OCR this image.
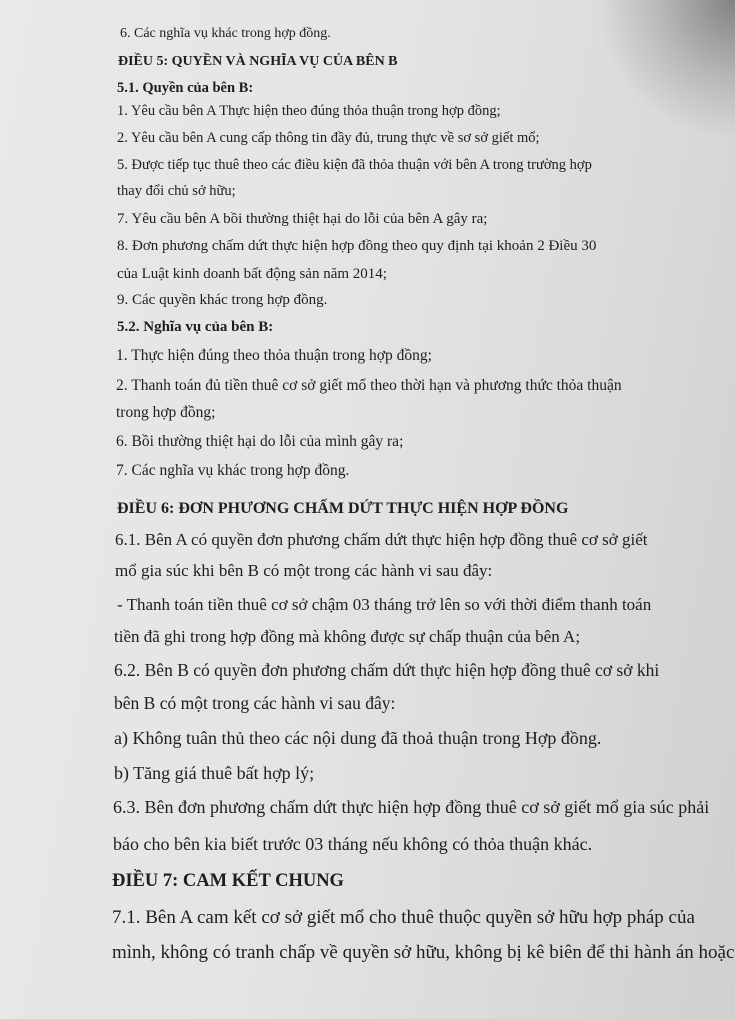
6. Các nghĩa vụ khác trong hợp đồng.
ĐIỀU 5: QUYỀN VÀ NGHĨA VỤ CỦA BÊN B
5.1. Quyền của bên B:
1. Yêu cầu bên A Thực hiện theo đúng thỏa thuận trong hợp đồng;
2. Yêu cầu bên A cung cấp thông tin đầy đủ, trung thực về sơ sở giết mổ;
5. Được tiếp tục thuê theo các điều kiện đã thỏa thuận với bên A trong trường hợp
thay đổi chủ sở hữu;
7. Yêu cầu bên A bồi thường thiệt hại do lỗi của bên A gây ra;
8. Đơn phương chấm dứt thực hiện hợp đồng theo quy định tại khoản 2 Điều 30
của Luật kinh doanh bất động sản năm 2014;
9. Các quyền khác trong hợp đồng.
5.2. Nghĩa vụ của bên B:
1. Thực hiện đúng theo thỏa thuận trong hợp đồng;
2. Thanh toán đủ tiền thuê cơ sở giết mổ theo thời hạn và phương thức thỏa thuận
trong hợp đồng;
6. Bồi thường thiệt hại do lỗi của mình gây ra;
7. Các nghĩa vụ khác trong hợp đồng.
ĐIỀU 6: ĐƠN PHƯƠNG CHẤM DỨT THỰC HIỆN HỢP ĐỒNG
6.1. Bên A có quyền đơn phương chấm dứt thực hiện hợp đồng thuê cơ sở giết
mổ gia súc khi bên B có một trong các hành vi sau đây:
- Thanh toán tiền thuê cơ sở chậm 03 tháng trở lên so với thời điểm thanh toán
tiền đã ghi trong hợp đồng mà không được sự chấp thuận của bên A;
6.2. Bên B có quyền đơn phương chấm dứt thực hiện hợp đồng thuê cơ sở khi
bên B có một trong các hành vi sau đây:
a) Không tuân thủ theo các nội dung đã thoả thuận trong Hợp đồng.
b) Tăng giá thuê bất hợp lý;
6.3. Bên đơn phương chấm dứt thực hiện hợp đồng thuê cơ sở giết mổ gia súc phải
báo cho bên kia biết trước 03 tháng nếu không có thỏa thuận khác.
ĐIỀU 7: CAM KẾT CHUNG
7.1. Bên A cam kết cơ sở giết mổ cho thuê thuộc quyền sở hữu hợp pháp của
mình, không có tranh chấp về quyền sở hữu, không bị kê biên để thi hành án hoặc
